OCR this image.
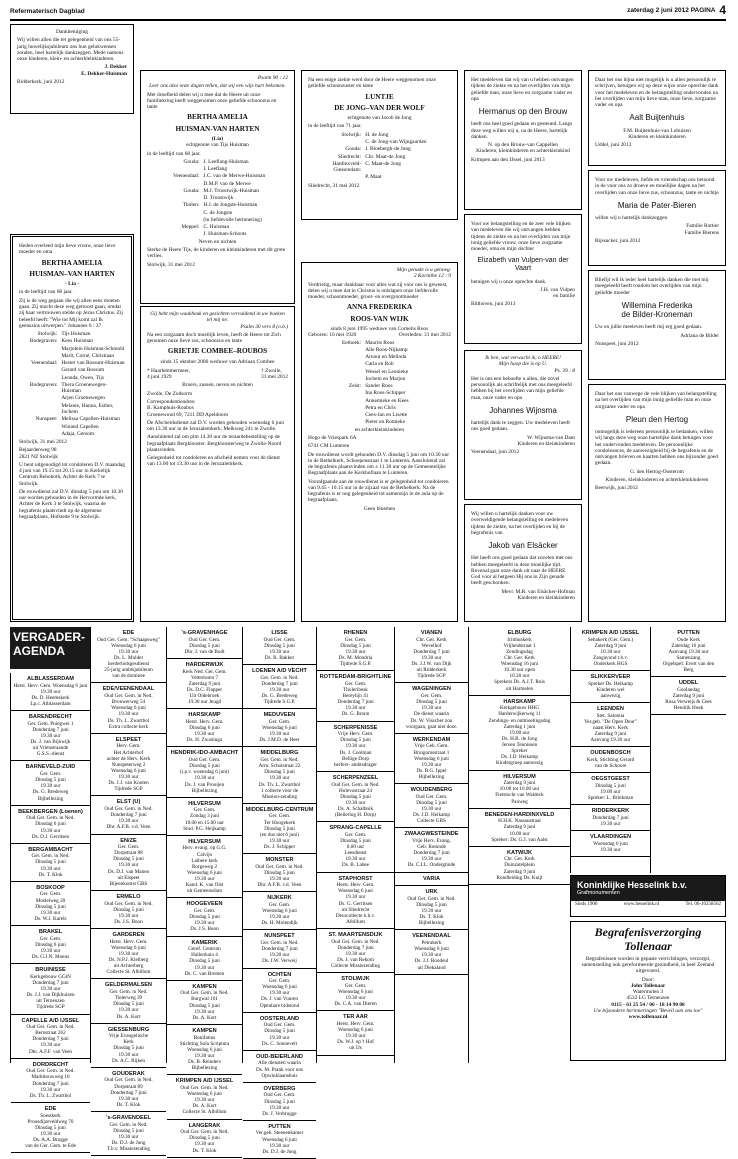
Refermaterisch Dagblad	zaterdag 2 juni 2012 PAGINA 4
Dankbetuiging
Wij willen allen die tet gelegenheid van ons 55-jarig huwelijksjubileum ons hun gelukwensen zonden, heel hartelijk dankzeggen. Mede namens onze kinderen, klein- en achterkleinkinderen.
J. Dekker
E. Dekker-Huisman
Ridderkerk, juni 2012
Heden overleed mijn lieve vrouw, onze lieve moeder en oma
BERTHA AMELIA
HUISMAN–VAN HARTEN
- Lia -
in de leeftijd van 68 jaar.
Zij is de weg gegaan die wij allen eens moeten gaan. Zij mocht deze weg getroost gaan, omdat zij haar vertrouwen stelde op Jezus Christus. Zij beleefd heeft: "Wie tot Mij komt zal Ik geenszins uitwerpen." Johannes 6 : 37
Stolwijk: Tijs Huisman
Bodegraven: Kees Huisman
Marjolein Huisman-Schmohl
Marit, Corné, Christiaan
Veenendaal: Hester van Rossum-Huisman
Gerard van Rossum
Leonda, Owen, Tijs
Bodegraven: Thera Groenewegen-Huisman
Arjen Groenewegen
Melanie, Hanna, Esther, Jochem
Nunspeet: Melissa Capellen-Huisman
Winand Capellen
Adaja, Gersom
Stolwijk, 31 mei 2012
Bejaardenweg 98
2821 NZ Stolwijk
U bent uitgenodigd tot condoleren D.V. maandag 4 juni van 19.15 tot 20.15 uur in Kerkelijk Centrum Rehoboth, Achter de Kerk 7 te Stolwijk.
De rouwdienst zal D.V. dinsdag 5 juni om 10.30 uur worden gehouden in de Hervormde kerk, Achter de Kerk 3 te Stolwijk, waarna de begrafenis plaatsvindt op de algemene begraafplaats, Hofstede 9 te Stolwijk.
Psalm 90 : 12
Leer ons alzo onze dagen tellen, dat wij een wijs hart bekomen.
Met droefheid delen wij u mee dat de Heere uit onze familiekring heeft weggenomen onze geliefde schoonzus en tante
BERTHA AMELIA
HUISMAN-VAN HARTEN
(Lia)
echtgenote van Tijs Huisman
in de leeftijd van 68 jaar.
Gouda: J. Leeflang-Huisman
I. Leeflang
Veenendaal: J.C. van de Merwe-Huisman
D.M.P. van de Merwe
Gouda: M.J. Troostwijk-Huisman
D. Troostwijk
Tholen: H.J. de Jongste-Huisman
C. de Jongste
(in liefdevolle herinnering)
Meppel: C. Huisman
J. Huisman-Schoots
Neven en nichten
Sterke de Heere Tijs, de kinderen en kleinkinderen met dit grote verlies.
Stolwijk, 31 mei 2012
Gij hebt mijn waakheuk en gezichten vervuldend in uw boeken tel mij ne.
Psalm 30 vers 8 (o.b.)
Na een zorgzaam doch moeilijk leven, heeft de Heere tot Zich genomen onze lieve zus, schoonzus en tante
GRIETJE COMBEE–ROUBOS
sinds 15 oktober 2006 weduwe van Adriaan Combee
* Haarlemmermeer,
4 juni 1929
† Zwolle,
31 mei 2012
Broers, zussen, neven en nichten
Zwolle, De Zodsorm
Correspondentieadres:
B. Kamphuis-Roubos
Groenewoud 69, 7211 DD Apeldoorn
De Afscheidsdienst zal D.V. worden gehouden woensdag 6 juni om 13.30 uur in de Jeruzalemkerk, Melkweg 241 te Zwolle.
Aansluitend zal om plm 14.30 uur de teraardebestelling op de begraafplaats Bergklooster. Bergkloosterweg te Zwolle-Noord plaatsvinden.
Gelegenheid tot condoleren en afscheid nemen voor de dienst van 13.00 tot 13.30 uur in de Jeruzalemkerk.
Na een enige ziekte werd door de Heere weggenomen onze geliefde schoonzuster en tante
LUNTJE
DE JONG–VAN DER WOLF
echtgenote van Jacob de Jong
in de leeftijd van 71 jaar.
Stolwijk: H. de Jong
C. de Jong-van Wijngaarden
Gouda: J. Bloebergh-de Jong
Sliedrecht: Chr. Maat-de Jong
Hardinxveld-Giessendam:
C. Maat-de Jong
P. Maat
Sliedrecht, 31 mei 2012
Mijn genade is u genoeg.
2 Korinthe 12 : 9
Verdrietig, maar dankbaar voor alles wat zij voor ons is geweest, delen wij u mee dat in Christus is ontslapen onze liefdevolle moeder, schoonmoeder, groot- en overgrootmoeder
ANNA FREDERIKA
ROOS-VAN WIJK
sinds 8 juni 1995 weduwe van Cornelis Roos
Geboren: 16 mei 1920	Overleden: 31 mei 2012
Eethoek: Maurits Roos
Alle Roos-Nijkamp
Arnout en Melinda
Carla en Rob
Wessel en Leonieke
Jochem en Marjon
Zeist: Sander Roos
Ina Roos-Schipper
Annemieke en Kees
Petra en Chris
Cees-Jan en Lisette
Pieter en Romieke
en achterkleinkinderen
Hogo de Vriespark 6A
6741 CM Lunteren
De rouwdienst wordt gehouden D.V. dinsdag 5 juni om 10.30 uur in de Bethelkerk, Schoepenstraat 1 te Lunteren. Aansluitend zal de begrafenis plaatsvinden om ± 11.30 uur op de Gemeentelijke Begraafplaats aan de Kerkhoflaan te Lunteren.
Voorafgaande aan de rouwdienst is er gelegenheid tot condoleren van 9.45 - 10.15 uur in de zijzaal van de Bethelkerk. Na de begrafenis is er nog gelegenheid tot samenzijn in de aula op de begraafplaats.
Geen bloemen
Het medeleven dat wij van u hebben ontvangen tijdens de ziekte en na het overlijden van mijn geliefde man, onze lieve en zorgzame vader en opa
Hermanus op den Brouw
heeft ons heel goed gedaan en gesteund. Langs deze weg willen wij u, na de Heere, hartelijk danken.
N. op den Brouw-van Cappellen
Kinderen, kleinkinderen en achterkleinkind
Krimpen aan den IJssel, juni 2013
Voor uw belangstelling en de zeer vele blijken van medeleven die wij ontvangen hebben tijdens de ziekte en na het overlijden van mijn innig geliefde vrouw, onze lieve zorgzame moeder, oma en mijn dochter
Elizabeth van Vulpen-van der Vaart
betuigen wij u onze oprechte dank.
J.H. van Vulpen
en familie
Bilthoven, juni 2013
Ik ben, wat verwacht ik, o HEERE!
Mijn hoop die is op U.
Ps. 39 : 8
Het is ons een behoefte u allen, die zovel persoonlijk als schriftelijk met ons meegeleefd hebben bij het overlijden van mijn geliefde man, onze vader en opa
Johannes Wijnsma
hartelijk dank te zeggen. Uw medeleven heeft ons goed gedaan.
W. Wijnsma-van Dam
Kinderen en kleinkinderen
Veenendaal, juni 2012
Wij willen u hartelijk danken voor uw overweldigende belangstelling en medeleven tijdens de ziekte, na het overlijden en bij de begrafenis van
Jakob van Elsäcker
Het heeft ons goed gedaan dat zovelen met ons hebben meegeleefd in deze moeilijke tijd. Bovenal gaat onze dank uit naar de HEERE God voor al hetgeen Hij ons in Zijn genade heeft geschonken.
Mevr. M.R. van Elsäcker-Hofman
Kinderen en kleinkinderen
Daar het ons bijna niet mogelijk is u allen persoonlijk te schrijven, betuigen wij op deze wijze onze oprechte dank voor het medeleven en de belangstelling ondervonden na het overlijden van mijn lieve man, onze lieve, zorgzame vader en opa
Aalt Buijtenhuis
F.M. Buijtenhuis-van Lohuizen
Kinderen en kleinkinderen
Uddel, juni 2013
Voor uw medeleven, liefde en vriendschap ons betoond in de voor ons zo droeve en moeilijke dagen na het overlijden van onze lieve zus, schoonzus, tante en nichtje
Maria de Pater-Bieren
willen wij u hartelijk dankzeggen
Familie Rottier
Familie Bierens
Rijssacker, juni 2012
Bliefijt wil ik ieder heel hartelijk danken die met mij meegeleefd heeft rondom het overlijden van mijn geliefde moeder
Willemina Frederika
de Bilder-Kroneman
Uw en jullie meeleven heeft mij erg goed gedaan.
Adriana de Bilder
Nunspeet, juni 2012
Daar het ons vanwege de vele blijken van belangstelling na het overlijden van mijn innig geliefde man en onze zorgzame vader en opa
Pleun den Hertog
onmogelijk is iedereen persoonlijk te bedanken, willen wij langs deze weg onze hartelijke dank betuigen voor het ondervonden medeleven. De persoonlijke condoleances, de aanwezigheid bij de begrafenis en de ontvangen brieven en kaarten hebben ons bijzonder goed gedaan.
G. den Hertog-Oosterom
Kinderen, kleinkinderen en achterkleinkinderen
Beerwijk, juni 2012
VERGADER-
AGENDA
ALBLASSERDAM
Herst. Herv. Gem. Woensdag 6 juni
19.30 uur
Ds. D. Heemskerk
Lp.c. Alblasserdam
BARENDRECHT
Ger. Gem. Pniegwei 1
Donderdag 7 juni
19.30 uur
Ds. J. van Bijnwijk
uit Vrienstraande
G.S.S.-dienst
BARNEVELD-ZUID
Ger. Gem.
Dinsdag 5 juni
19.30 uur
Ds. G. Bredeweg
Bijbellezing
BEEKBERGEN (Loenen)
Oud Ger. Gem. in Ned.
Dinsdag 6 juni
19.30 uur
Ds. D.J. Gerritsen
BERGAMBACHT
Ger. Gem. in Ned.
Dinsdag 5 juni
19.30 uur
Ds. T. Klok
BOSKOOP
Ger. Gem.
Moslelweg 20
Dinsdag 5 juni
19.30 uur
Ds. W.J. Karels
BRAKEL
Ger. Gem.
Dinsdag 6 juni
19.30 uur
Ds. G.J.N. Moens
BRUINISSE
Kerkgebouw GGiN
Donderdag 7 juni
19.30 uur
Ds. J.J. van Dijkhuizen
uit Terneuzen
Tijdrede SGP
CAPELLE A/D IJSSEL
Oud Ger. Gem. in Ned.
Bernstraat 262
Donderdag 7 juni
19.30 uur
Dhr. A.F.F. van Veen
DORDRECHT
Oud Ger. Gem. in Ned.
Markttouwweg 10
Donderdag 7 juni
19.30 uur
Ds. Th. L. Zwartbol
EDE
Soestkerk
Proosdijzeveldweg 70
Dinsdag 5 juni
19.30 uur
Ds. A.A. Brugge
van de Ger. Gem. te Ede
EDE
Oud Ger. Gem. "Schaapsweg"
Woensdag 6 juni
19.30 uur
Ds. L. Mulder
herderlodsgesdienst
25-jarig ambtsjubileum
van de dominee
EDE/VEENENDAAL
Oud Ger. Gem. in Ned.
Brouwerweg 54
Woensdag 6 juni
19.30 uur
Ds. Th. L. Zwartbol
Extra collecte kerk
ELSPEET
Herv. Gem.
Het Achterhof
achter de Herv. Kerk
Nunspeterweg 2
Woensdag 6 juni
19.30 uur
Ds. J.J. van Kooten
Tijdrede SGP
ELST (U)
Oud Ger. Gem. in Ned.
Donderdag 7 juni
19.30 uur
Dhr. A.F.B. v.d. Veen
EN/ZE
Ger. Gem.
Dorpstraat 88
Dinsdag 5 juni
19.30 uur
Ds. D.J. van Manen
uit Elspeet
Bijeenkomst GBS
ERMELO
Oud Ger. Gem. in Ned.
Dinsdag 5 juni
19.30 uur
Ds. J.S. Boon
GARDEREN
Herst. Herv. Gem.
Woensdag 6 juni
19.30 uur
Ds. N.P.J. Kleiberg
uit Achterberg
Collecte St. Albillum
GELDERMALSEN
Ger. Gem. in Ned.
Tielerweg 39
Dinsdag 5 juni
19.30 uur
Ds. A. Kort
GIESSENBURG
Vrije Evangelische
Kerk
Dinsdag 5 juni
19.30 uur
Ds. A.C. Rijken
GOUDERAK
Oud Ger. Gem. in Ned.
Dorpstraat 89
Donderdag 7 juni
19.30 uur
Ds. T. Klok
's-GRAVENDEEL
Ger. Gem. in Ned.
Dinsdag 5 juni
19.30 uur
Ds. D.J. de Jong
T.b.v. Missiezending
's-GRAVENHAGE
Oud Ger. Gem.
Dinsdag 5 juni
Dhr. J. van de Bodt
HARDERWIJK
Kerk Ned. Ger. Gem.
Vettertoren 7
Zaterdag 9 juni
Ds. D.C. Flapper
Uit Oldebroek
19.30 uur Jeugd
HARSKAMP
Herst. Herv. Gem.
Dinsdag 6 juni
19.30 uur
Ds. H. Zwaninga
HENDRIK-IDO-AMBACHT
Oud Ger. Gem.
Dinsdag 5 juni
(i.p.v. woensdag 6 juni)
19.30 uur
Ds. J. van Prooijen
Bijbellezing
HILVERSUM
Ger. Gem.
Zondag 3 juni
10.00 en 15.00 uur
Stud. P.G. Heijkamp
HILVERSUM
Herv. evang. op G.G.
Calvijn
Laibere kerk
Borgeweg 2
Woensdag 6 juni
19.30 uur
Kand. K. van Olst
uit Gemeensdam
HOOGEVEEN
Ger. Gem.
Dinsdag 5 juni
19.30 uur
Ds. J.S. Boon
KAMERIK
Geref. Centrum
Hallenhaiu 4
Dinsdag 5 juni
19.30 uur
Ds. C. van Bremen
KAMPEN
Oud Ger. Gem. in Ned.
Burgwal 161
Dinsdag 5 juni
19.30 uur
Ds. A. Kort
KAMPEN
Bonifatius
Stichting Sola Scriptura
Woensdag 6 juni
19.30 uur
Ds. B. Reinders
Bijbellezing
KRIMPEN A/D IJSSEL
Oud Ger. Gem. in Ned.
Woensdag 6 juni
19.30 uur
Ds. A. Kort
Collecte St. Albillum
LANGERAK
Oud Ger. Gem. in Ned.
Dinsdag 5 juni
19.30 uur
Ds. T. Klok
LISSE
Oud Ger. Gem.
Dinsdag 5 juni
19.30 uur
Ds. B. Bakker
LOENEN A/D VECHT
Ger. Gem. in Ned.
Donderdag 7 juni
19.30 uur
Ds. G. Bredeweg
Tijdrede S.G.P.
MEDUVEEN
Ger. Gem.
Woensdag 6 juni
19.30 uur
Ds. J.M.D. de Heer
MIDDELBURG
Ger. Gem. in Ned.
Arm. Scholstraat 22
Dinsdag 5 juni
19.30 uur
Ds. Th. L. Zwartbol
1 collecte voor de
Mission-zending
MIDDELBURG-CENTRUM
Ger. Gem.
Ter Hoogekerk
Dinsdag 5 juni
(en dus niet 6 juni)
19.30 uur
Ds. J. Schipper
MONSTER
Oud Ger. Gem. in Ned.
Dinsdag 5 juni
19.30 uur
Dhr. A.F.B. v.d. Veen
NIJKERK
Ger. Gem.
Woensdag 6 juni
19.30 uur
Ds. H. Molendijk
NUNSPEET
Ger. Gem. in Ned.
Donderdag 7 juni
19.30 uur
Ds. J.W. Verweij
OCHTEN
Ger. Gem.
Woensdag 6 juni
19.30 uur
Ds. J. van Vuuren
Openbare bidstond
OOSTERLAND
Oud Ger. Gem.
Dinsdag 5 juni
19.30 uur
Ds. C. Sonnevelt
OUD-BEIERLAND
Alle diensten waarin
Ds. M. Prank voor ons
Opwinklaanshuis
OVERBERG
Oud Ger. Gem.
Dinsdag 5 juni
19.30 uur
Ds. J. Verbrugge
PUTTEN
Ver.geb. Steenenkamer
Woensdag 6 juni
19.30 uur
Ds. D.J. de Jong
RHENEN
Ger. Gem.
Dinsdag 5 juni
19.30 uur
Ds. M. Mondria
Tijdrede S.G.P.
ROTTERDAM-BRIGHTLINE
Ger. Gem.
Tholeribesk
Bereylijn 41
Donderdag 7 juni
19.30 uur
Ds. G. Bronn
SCHERPENISSE
Vrije Herv. Gem.
Dinsdag 5 juni
19.30 uur
Ds. J. Coolman
Bellige Dorp
herfers- ambtsdrager
SCHERPENZEEL
Oud Ger. Gem. in Ned.
Holevostraat 24
Dinsdag 5 juni
19.30 uur
Ds. A. Schalbnik
(Bellerlog H. Dorp)
SPRANG-CAPELLE
Ger. Gem.
Dinsdag 5 juni
8.00 uur
Leesdienst
19.30 uur
Ds. B. Labee
STAPHORST
Herst. Herv. Gem.
Woensdag 6 juni
19.30 uur
Ds. G. Gerritsen
uit Sliedrecht
Deurcollecte k.b.v.
Albillum
ST. MAARTENSDIJK
Oud Ger. Gem. in Ned.
Donderdag 7 juni
19.30 uur
Ds. J. van Rekom
Collecte Missiezending
STOLWIJK
Ger. Gem.
Woensdag 6 juni
19.30 uur
Ds. C.A. van Dieren
TER AAR
Herst. Herv. Gem.
Woensdag 6 juni
19.30 uur
Ds. W.J. op 't Hof
uit IJs
VIANEN
Chr. Ger. Kerk
Wevelhof
Donderdag 7 juni
19.30 uur
Ds. J.J.W. van Dijk
uit Ridderkerk
Tijdrede SGP
WAGENINGEN
Ger. Gem.
Dinsdag 5 juni
19.30 uur
De dienst waarin
Ds. W. Visscher zou
voorgaan, gaat niet door.
WERKENDAM
Vrije Geb. Gem.
Bruigomsstraat 1
Woensdag 6 juni
19.30 uur
Ds. B.G. Ippel
Bijbellezing
WOUDENBERG
Oud Ger. Gem.
Dinsdag 5 juni
19.30 uur
Ds. J.D. Heikamp
Collecte GBS
ZWAAGWESTEINDE
Vrije Herv. Evang.
Geb. Rotunde
Donderdag 7 juni
19.30 uur
Ds. C.I.L. Ondergtinde
VARIA
URK
Oud Ger. Gem. in Ned.
Dinsdag 5 juni
19.30 uur
Ds. T. Klok
Bijbellezing
VEENENDAAL
Petrakerk
Woensdag 6 juni
19.30 uur
Ds. J.J. Roodeul
uit Diekaland
ELBURG
Ichthuskerk
Vrijheidstraat 1
Zendingsdag
Chr. Ger. Kerk
Woensdag 16 juni
10.30 uur open
10.30 uur
Sprekers Ds. A.J.T. Ruis
uit Harmelen
HARSKAMP
Kerkgebouw HHG
Harderwijkerweg 11
Zendings- en ontmoetingsdag
Zaterdag 1 juni
19.00 uur
Ds. H.B. de Jong
Jeroen Teunissen
Spreker
Ds. J.D. Heikamp
Kindergroep aanwezig
HILVERSUM
Zaterdag 9 juni
10.00 tot 16.00 uur
Fietstocht van Waldeck
Pauweg
BENEDEN-HARDINXVELD
H.H.K. Nassaustraat
Zaterdag 9 juni
10.00 uur
Spreker: Ds. G.J. van Aalst
KATWIJK
Chr. Ger. Kerk
Duinzatelplein
Zaterdag 9 juni
Rondleiding Ds. Kuijt
KRIMPEN A/D IJSSEL
Sebakerk (Ger. Gem.)
Zaterdag 9 juni
10.30 uur
Zangavond t.b.v.
Onderkerk HGS
SLIKKERVEER
Spreker Ds. Heikamp
Kinderen wel
aanwezig
LEENDEN
Stet. Salomia
Ver.geb. "De Open Deur"
naast Herv. Kerk
Zaterdag 9 juni
Aanvang 19.30 uur
OUDENBOSCH
Kerk, Stichting Gerard
van de Schoore
OEGSTGEEST
Dinsdag 5 juni
19.00 uur
Spreker: L. Brinkman
RIDDERKERK
Donderdag 7 juni
19.30 uur
VLAARDINGEN
Woensdag 6 juni
19.30 uur
PUTTEN
Oude Kerk
Zaterdag 16 juni
Aanvang 19.30 uur
Samenzang
Orgelspel: Evert van den
Berg
UDDEL
Goolandag
Zaterdag 9 juni
Rosa Verweijs & Cees
Hendrik Hoek
Koninklijke Hesselink b.v.
Grafmonumenten
Sinds 1900	www.hesselink.nl	Tel. 06-10258562
Begrafenisverzorging
Tollenaar
Begrafenissen worden in gepaste verrichtingen, verzorgd, samenstelling ook gereformeerde gezindheid, in heel Zeeland uitgevoerd.
Door:
John Tollenaar
Watermolen 3
4532 LG Terneuzen
0115 - 61 25 54 / 06 - 18 14 90 08
Uw bijzondere herinneringen "Beveil aan ons toe"
www.tollenaar.nl
